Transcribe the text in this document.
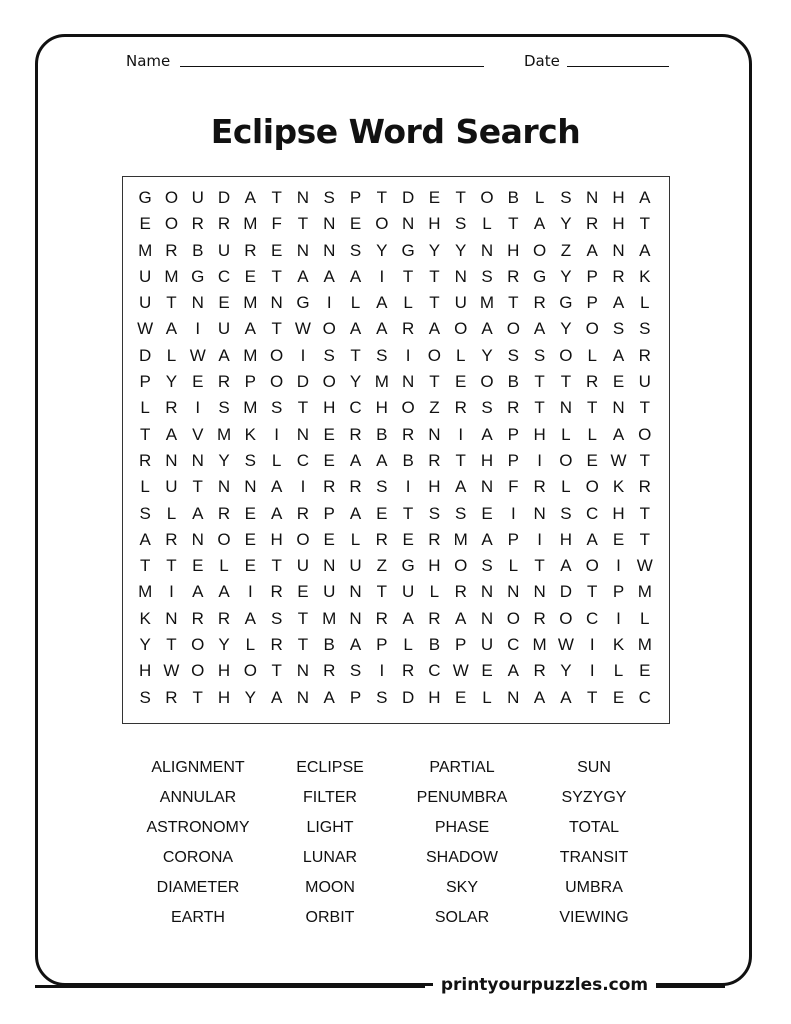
Name	Date
Eclipse Word Search
G O U D A T N S P T D E T O B L S N H A
E O R R M F T N E O N H S L T A Y R H T
M R B U R E N N S Y G Y Y N H O Z A N A
U M G C E T A A A	I	T T N S R G Y P R K
U T N E M N G	I	L A L T U M T R G P A L
W A	I	U A T W O A A R A O A O A Y O S S
D L W A M O	I	S T S	I	O L Y S S O L A R
P Y E R P O D O Y M N T E O B T T R E U
L R	I	S M S T H C H O Z R S R T N T N T
T A V M K	I	N E R B R N	I	A P H L L A O
R N N Y S L C E A A B R T H P	I	O E W T
L U T N N A	I	R R S	I	H A N F R L O K R
S L A R E A R P A E T S S E	I	N S C H T
A R N O E H O E L R E R M A P	I	H A E T
T T E L E T U N U Z G H O S L T A O	I W
M I	A A	I	R E U N T U L R N N N D T P M
K N R R A S T M N R A R A N O R O C	I	L
Y T O Y L R T B A P L B P U C M W I	K M
H W O H O T N R S	I	R C W E A R Y	I	L E
S R T H Y A N A P S D H E L N A A T E C
ALIGNMENT	ECLIPSE	PARTIAL	SUN
ANNULAR	FILTER	PENUMBRA	SYZYGY
ASTRONOMY	LIGHT	PHASE	TOTAL
CORONA	LUNAR	SHADOW	TRANSIT
DIAMETER	MOON	SKY	UMBRA
EARTH	ORBIT	SOLAR	VIEWING
printyourpuzzles.com
